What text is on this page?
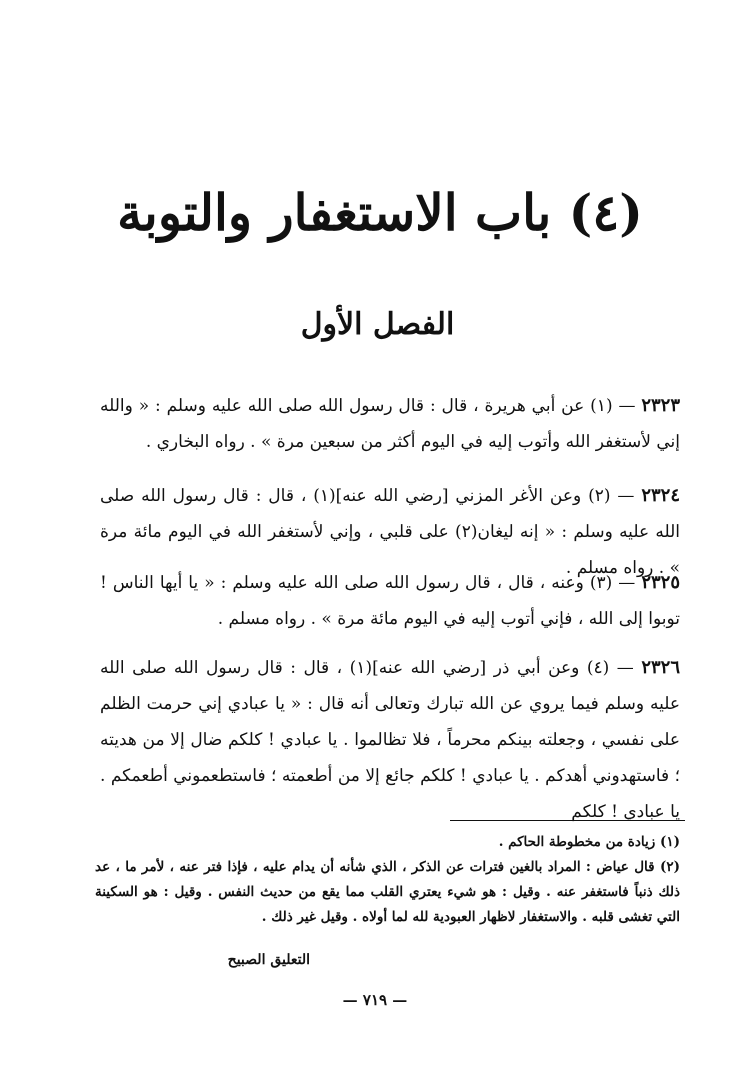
(٤) باب الاستغفار والتوبة
الفصل الأول
٢٣٢٣ — (١) عن أبي هريرة ، قال : قال رسول الله صلى الله عليه وسلم : « والله إني لأستغفر الله وأتوب إليه في اليوم أكثر من سبعين مرة » . رواه البخاري .
٢٣٢٤ — (٢) وعن الأغر المزني [رضي الله عنه](١) ، قال : قال رسول الله صلى الله عليه وسلم : « إنه ليغان(٢) على قلبي ، وإني لأستغفر الله في اليوم مائة مرة » . رواه مسلم .
٢٣٢٥ — (٣) وعنه ، قال ، قال رسول الله صلى الله عليه وسلم : « يا أيها الناس ! توبوا إلى الله ، فإني أتوب إليه في اليوم مائة مرة » . رواه مسلم .
٢٣٢٦ — (٤) وعن أبي ذر [رضي الله عنه](١) ، قال : قال رسول الله صلى الله عليه وسلم فيما يروي عن الله تبارك وتعالى أنه قال : « يا عبادي إني حرمت الظلم على نفسي ، وجعلته بينكم محرماً ، فلا تظالموا . يا عبادي ! كلكم ضال إلا من هديته ؛ فاستهدوني أهدكم . يا عبادي ! كلكم جائع إلا من أطعمته ؛ فاستطعموني أطعمكم . يا عبادي ! كلكم

(١) زيادة من مخطوطة الحاكم .

(٢) قال عياض : المراد بالغين فترات عن الذكر ، الذي شأنه أن يدام عليه ، فإذا فتر عنه ، لأمر ما ، عد ذلك ذنباً فاستغفر عنه . وقيل : هو شيء يعتري القلب مما يقع من حديث النفس . وقيل : هو السكينة التي تغشى قلبه . والاستغفار لاظهار العبودية لله لما أولاه . وقيل غير ذلك .

التعليق الصبيح
— ٧١٩ —
